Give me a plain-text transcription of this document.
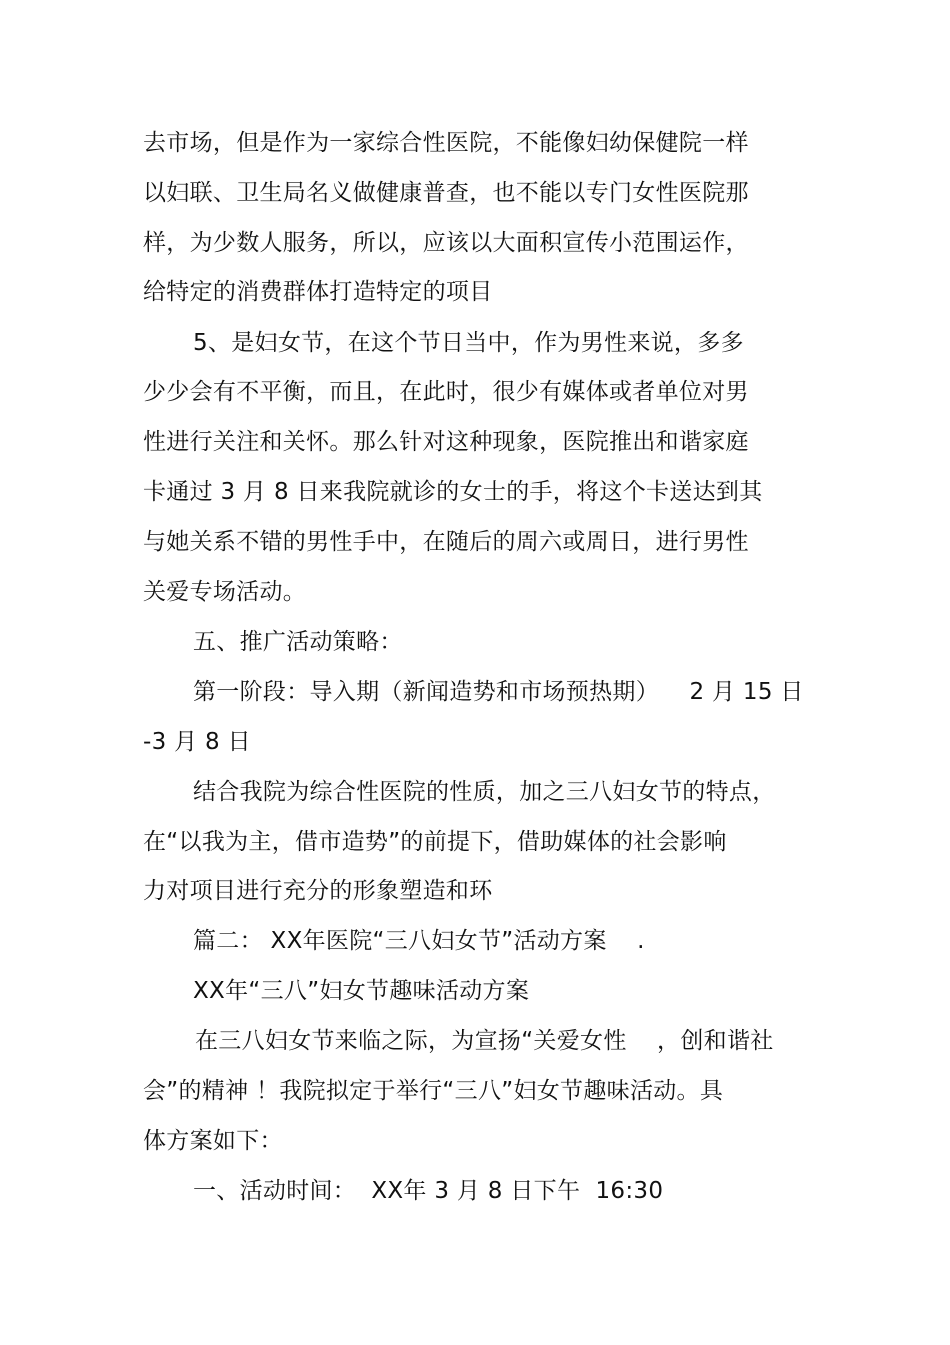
去市场，但是作为一家综合性医院，不能像妇幼保健院一样
以妇联、卫生局名义做健康普查，也不能以专门女性医院那
样，为少数人服务，所以，应该以大面积宣传小范围运作，
给特定的消费群体打造特定的项目
5、是妇女节，在这个节日当中，作为男性来说，多多
少少会有不平衡，而且，在此时，很少有媒体或者单位对男
性进行关注和关怀。那么针对这种现象，医院推出和谐家庭
卡通过 3 月 8 日来我院就诊的女士的手，将这个卡送达到其
与她关系不错的男性手中，在随后的周六或周日，进行男性
关爱专场活动。
五、推广活动策略：
第一阶段：导入期（新闻造势和市场预热期）    2 月 15 日
-3 月 8 日
结合我院为综合性医院的性质，加之三八妇女节的特点，
在“以我为主，借市造势”的前提下，借助媒体的社会影响
力对项目进行充分的形象塑造和环
篇二： XX年医院“三八妇女节”活动方案    .
XX年“三八”妇女节趣味活动方案
在三八妇女节来临之际，为宣扬“关爱女性    ，创和谐社
会”的精神 ！我院拟定于举行“三八”妇女节趣味活动。具
体方案如下：
一、活动时间：  XX年 3 月 8 日下午  16:30
